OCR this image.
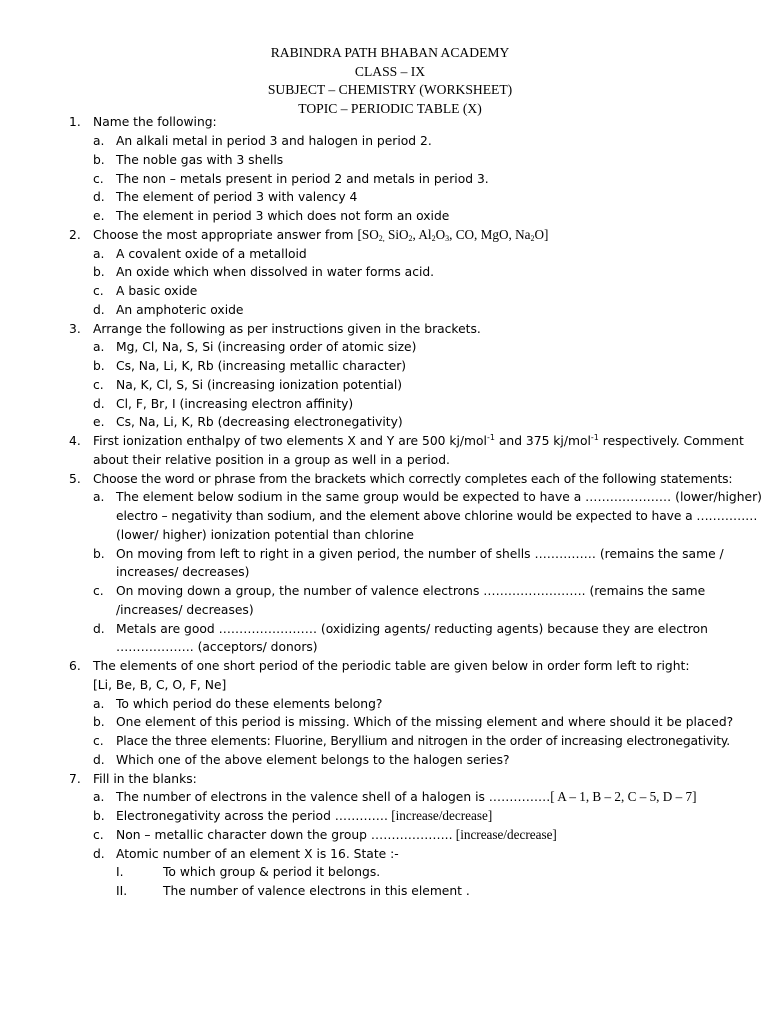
RABINDRA PATH BHABAN ACADEMY
CLASS – IX
SUBJECT – CHEMISTRY (WORKSHEET)
TOPIC – PERIODIC TABLE (X)
1. Name the following:
a. An alkali metal in period 3 and halogen in period 2.
b. The noble gas with 3 shells
c. The non – metals present in period 2 and metals in period 3.
d. The element of period 3 with valency 4
e. The element in period 3 which does not form an oxide
2. Choose the most appropriate answer from [$SO_{2,}$ SiO$_2$, $Al_2O_3$, CO, MgO, $Na_2O$]
a. A covalent oxide of a metalloid
b. An oxide which when dissolved in water forms acid.
c. A basic oxide
d. An amphoteric oxide
3. Arrange the following as per instructions given in the brackets.
a. Mg, Cl, Na, S, Si (increasing order of atomic size)
b. Cs, Na, Li, K, Rb (increasing metallic character)
c. Na, K, Cl, S, Si (increasing ionization potential)
d. Cl, F, Br, I (increasing electron affinity)
e. Cs, Na, Li, K, Rb (decreasing electronegativity)
4. First ionization enthalpy of two elements X and Y are 500 kj/mol$^{-1}$ and 375 kj/mol$^{-1}$ respectively. Comment
about their relative position in a group as well in a period.
5. Choose the word or phrase from the brackets which correctly completes each of the following statements:
a. The element below sodium in the same group would be expected to have a ………………… (lower/higher)
electro – negativity than sodium, and the element above chlorine would be expected to have a ……………
(lower/ higher) ionization potential than chlorine
b. On moving from left to right in a given period, the number of shells …………… (remains the same /
increases/ decreases)
c. On moving down a group, the number of valence electrons ……………………. (remains the same
/increases/ decreases)
d. Metals are good …………………… (oxidizing agents/ reducting agents) because they are electron
………………. (acceptors/ donors)
6. The elements of one short period of the periodic table are given below in order form left to right:
[Li, Be, B, C, O, F, Ne]
a. To which period do these elements belong?
b. One element of this period is missing. Which of the missing element and where should it be placed?
c. Place the three elements: Fluorine, Beryllium and nitrogen in the order of increasing electronegativity.
d. Which one of the above element belongs to the halogen series?
7. Fill in the blanks:
a. The number of electrons in the valence shell of a halogen is ……………[ A – 1, B – 2, C – 5, D – 7]
b. Electronegativity across the period …………. [increase/decrease]
c. Non – metallic character down the group ……………….. [increase/decrease]
d. Atomic number of an element X is 16. State :-
I.	To which group & period it belongs.
II.	The number of valence electrons in this element .
